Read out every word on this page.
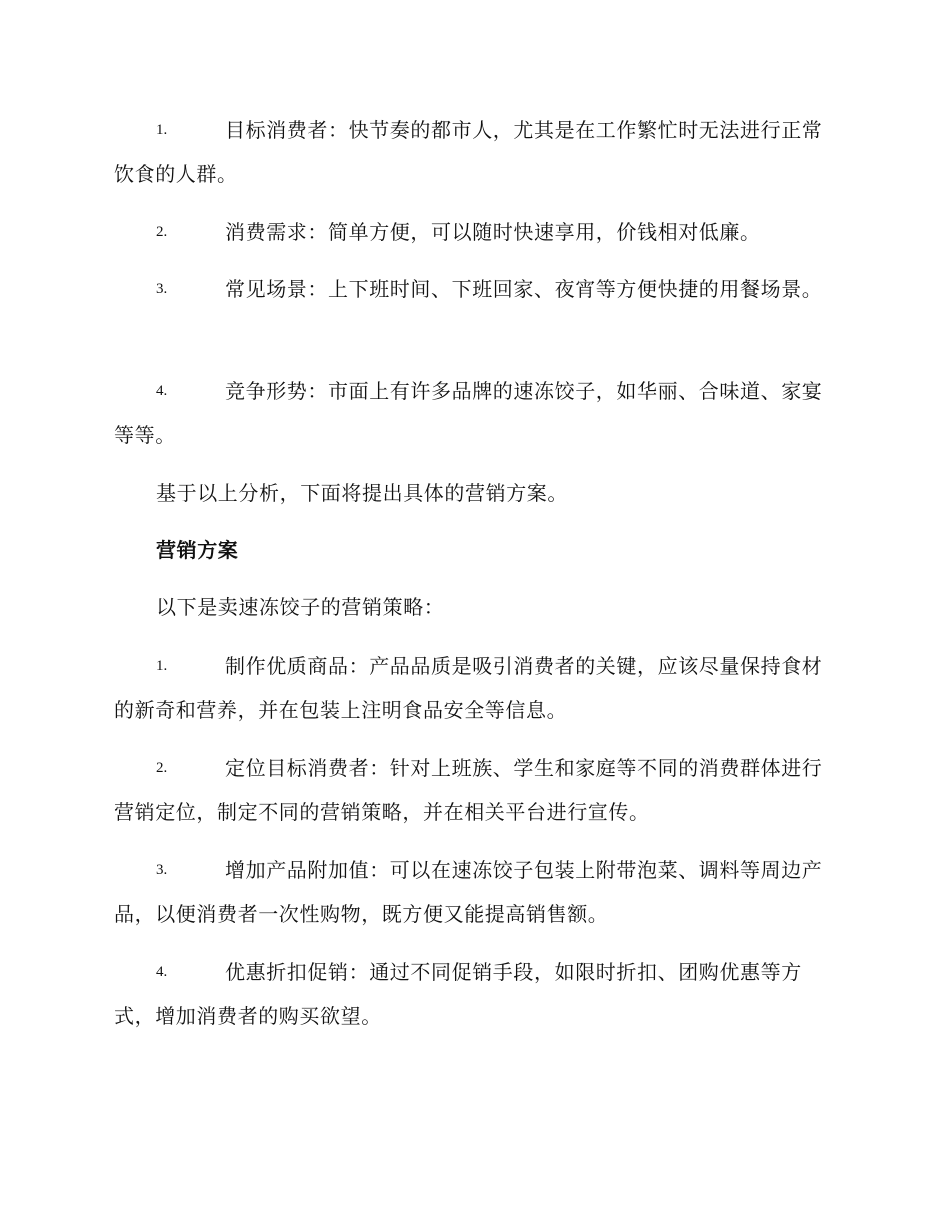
1.	目标消费者：快节奏的都市人，尤其是在工作繁忙时无法进行正常饮食的人群。
2.	消费需求：简单方便，可以随时快速享用，价钱相对低廉。
3.	常见场景：上下班时间、下班回家、夜宵等方便快捷的用餐场景。
4.	竞争形势：市面上有许多品牌的速冻饺子，如华丽、合味道、家宴等等。
基于以上分析，下面将提出具体的营销方案。
营销方案
以下是卖速冻饺子的营销策略：
1.	制作优质商品：产品品质是吸引消费者的关键，应该尽量保持食材的新奇和营养，并在包装上注明食品安全等信息。
2.	定位目标消费者：针对上班族、学生和家庭等不同的消费群体进行营销定位，制定不同的营销策略，并在相关平台进行宣传。
3.	增加产品附加值：可以在速冻饺子包装上附带泡菜、调料等周边产品，以便消费者一次性购物，既方便又能提高销售额。
4.	优惠折扣促销：通过不同促销手段，如限时折扣、团购优惠等方式，增加消费者的购买欲望。
